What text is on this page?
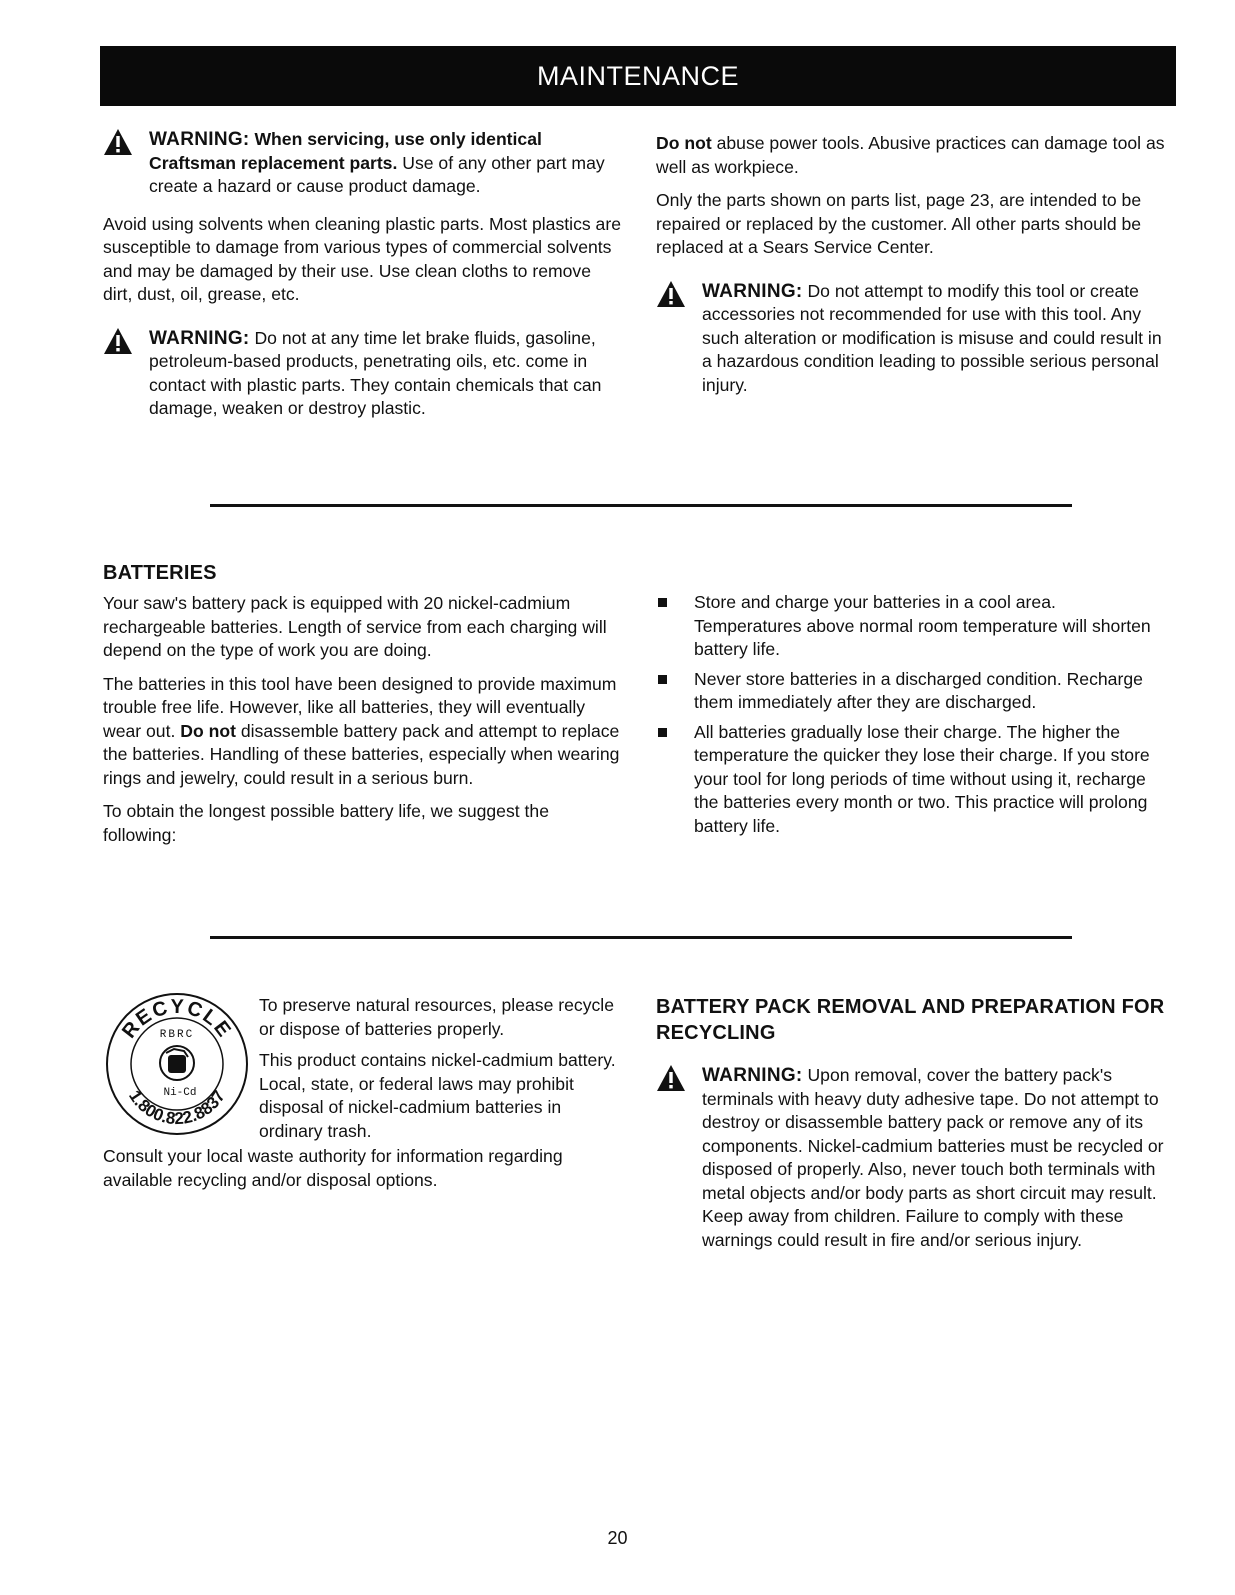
MAINTENANCE
WARNING: When servicing, use only identical Craftsman replacement parts. Use of any other part may create a hazard or cause product damage.

Avoid using solvents when cleaning plastic parts. Most plastics are susceptible to damage from various types of commercial solvents and may be damaged by their use. Use clean cloths to remove dirt, dust, oil, grease, etc.

WARNING: Do not at any time let brake fluids, gasoline, petroleum-based products, penetrating oils, etc. come in contact with plastic parts. They contain chemicals that can damage, weaken or destroy plastic.

Do not abuse power tools. Abusive practices can damage tool as well as workpiece.

Only the parts shown on parts list, page 23, are intended to be repaired or replaced by the customer. All other parts should be replaced at a Sears Service Center.

WARNING: Do not attempt to modify this tool or create accessories not recommended for use with this tool. Any such alteration or modification is misuse and could result in a hazardous condition leading to possible serious personal injury.
BATTERIES

Your saw's battery pack is equipped with 20 nickel-cadmium rechargeable batteries. Length of service from each charging will depend on the type of work you are doing.

The batteries in this tool have been designed to provide maximum trouble free life. However, like all batteries, they will eventually wear out. Do not disassemble battery pack and attempt to replace the batteries. Handling of these batteries, especially when wearing rings and jewelry, could result in a serious burn.

To obtain the longest possible battery life, we suggest the following:

Store and charge your batteries in a cool area. Temperatures above normal room temperature will shorten battery life.
Never store batteries in a discharged condition. Recharge them immediately after they are discharged.
All batteries gradually lose their charge. The higher the temperature the quicker they lose their charge. If you store your tool for long periods of time without using it, recharge the batteries every month or two. This practice will prolong battery life.
RECYCLE
1.800.822.8837
RBRC
Ni-Cd

To preserve natural resources, please recycle or dispose of batteries properly.

This product contains nickel-cadmium battery. Local, state, or federal laws may prohibit disposal of nickel-cadmium batteries in ordinary trash.

Consult your local waste authority for information regarding available recycling and/or disposal options.

BATTERY PACK REMOVAL AND PREPARATION FOR RECYCLING
WARNING: Upon removal, cover the battery pack's terminals with heavy duty adhesive tape. Do not attempt to destroy or disassemble battery pack or remove any of its components. Nickel-cadmium batteries must be recycled or disposed of properly. Also, never touch both terminals with metal objects and/or body parts as short circuit may result. Keep away from children. Failure to comply with these warnings could result in fire and/or serious injury.
20
